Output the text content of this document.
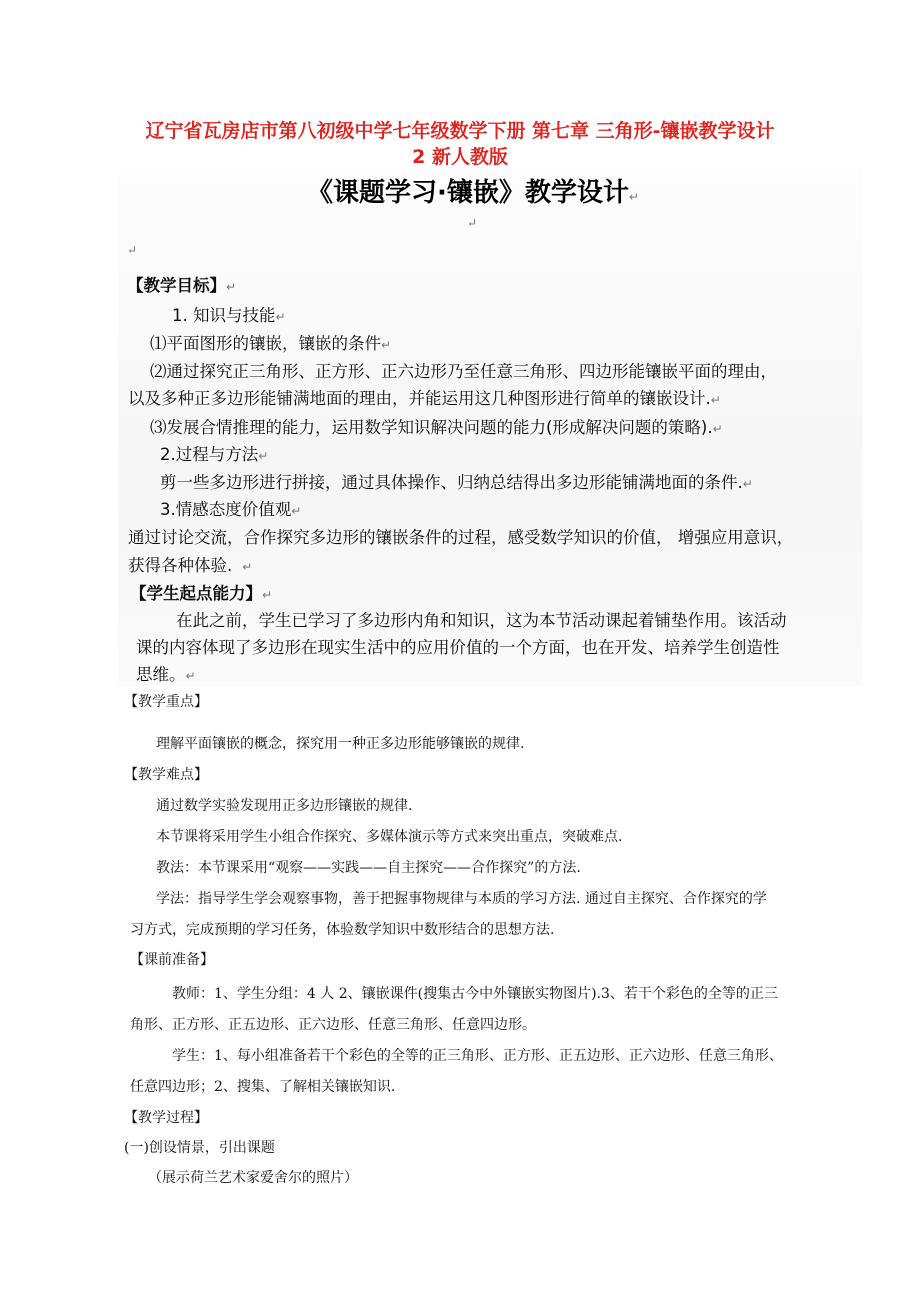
辽宁省瓦房店市第八初级中学七年级数学下册 第七章 三角形-镶嵌教学设计
2 新人教版
《课题学习·镶嵌》教学设计↵
↵
↵
【教学目标】↵
1. 知识与技能↵
⑴平面图形的镶嵌，镶嵌的条件↵
⑵通过探究正三角形、正方形、正六边形乃至任意三角形、四边形能镶嵌平面的理由，
以及多种正多边形能铺满地面的理由，并能运用这几种图形进行简单的镶嵌设计.↵
⑶发展合情推理的能力，运用数学知识解决问题的能力(形成解决问题的策略).↵
2.过程与方法↵
剪一些多边形进行拼接，通过具体操作、归纳总结得出多边形能铺满地面的条件.↵
3.情感态度价值观↵
通过讨论交流，合作探究多边形的镶嵌条件的过程，感受数学知识的价值， 增强应用意识，
获得各种体验. ↵
【学生起点能力】↵
在此之前，学生已学习了多边形内角和知识，这为本节活动课起着铺垫作用。该活动
课的内容体现了多边形在现实生活中的应用价值的一个方面，也在开发、培养学生创造性
思维。↵
【教学重点】
理解平面镶嵌的概念，探究用一种正多边形能够镶嵌的规律.
【教学难点】
通过数学实验发现用正多边形镶嵌的规律.
本节课将采用学生小组合作探究、多媒体演示等方式来突出重点，突破难点.
教法：本节课采用“观察——实践——自主探究——合作探究”的方法.
学法：指导学生学会观察事物，善于把握事物规律与本质的学习方法. 通过自主探究、合作探究的学
习方式，完成预期的学习任务，体验数学知识中数形结合的思想方法.
【课前准备】
教师：1、学生分组：4 人 2、镶嵌课件(搜集古今中外镶嵌实物图片).3、若干个彩色的全等的正三
角形、正方形、正五边形、正六边形、任意三角形、任意四边形。
学生：1、每小组准备若干个彩色的全等的正三角形、正方形、正五边形、正六边形、任意三角形、
任意四边形；2、搜集、了解相关镶嵌知识.
【教学过程】
(一)创设情景，引出课题
（展示荷兰艺术家爱舍尔的照片）
